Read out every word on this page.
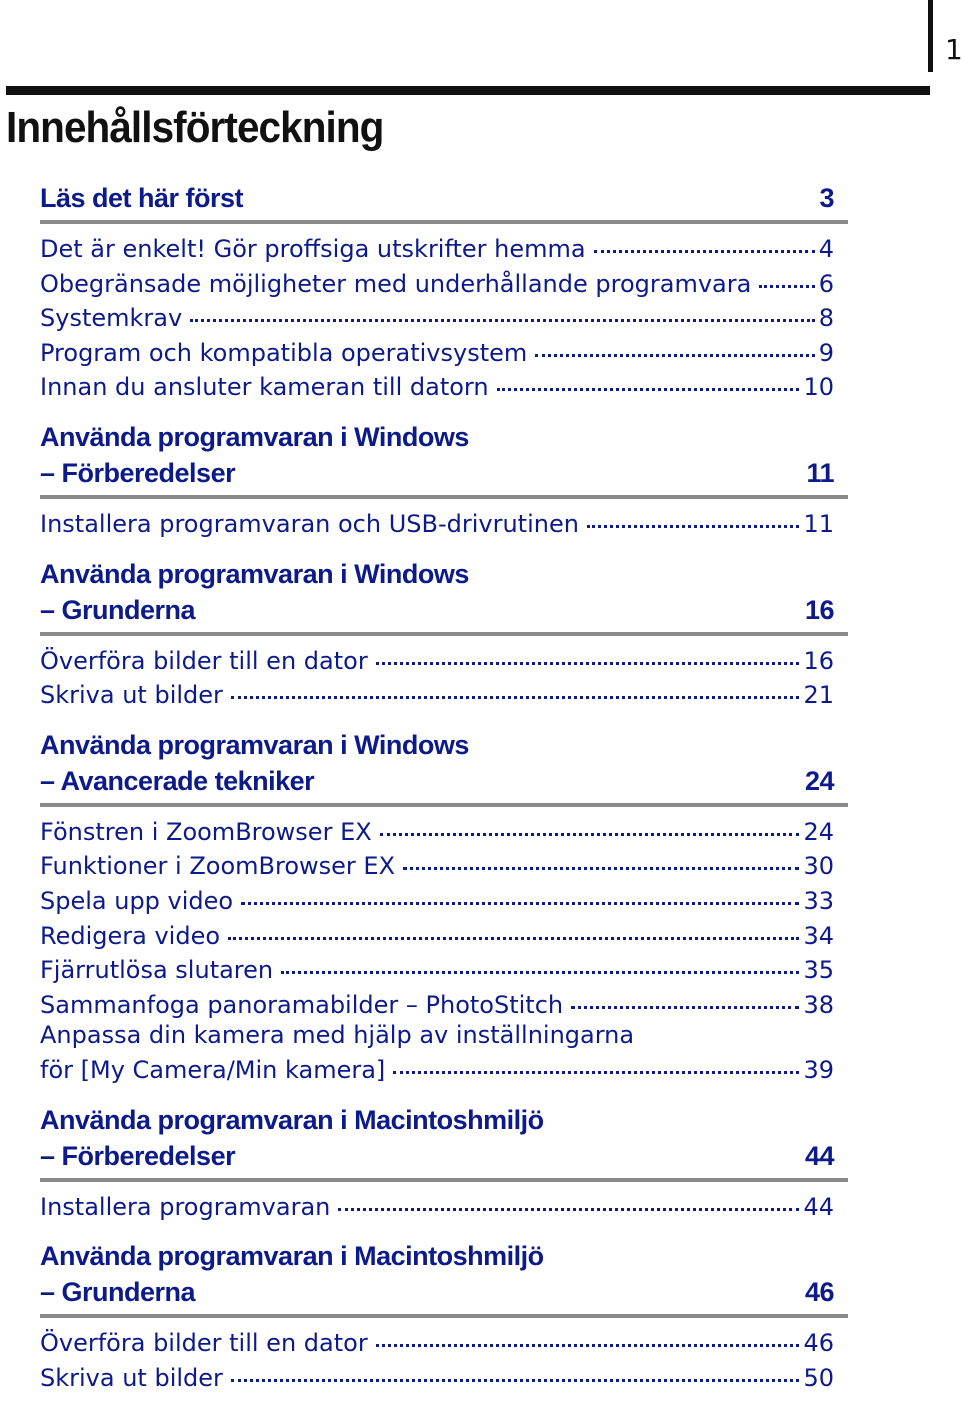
1
Innehållsförteckning
Läs det här först	3
Det är enkelt! Gör proffsiga utskrifter hemma	4
Obegränsade möjligheter med underhållande programvara	6
Systemkrav	8
Program och kompatibla operativsystem	9
Innan du ansluter kameran till datorn	10
Använda programvaran i Windows
– Förberedelser	11
Installera programvaran och USB-drivrutinen	11
Använda programvaran i Windows
– Grunderna	16
Överföra bilder till en dator	16
Skriva ut bilder	21
Använda programvaran i Windows
– Avancerade tekniker	24
Fönstren i ZoomBrowser EX	24
Funktioner i ZoomBrowser EX	30
Spela upp video	33
Redigera video	34
Fjärrutlösa slutaren	35
Sammanfoga panoramabilder – PhotoStitch	38
Anpassa din kamera med hjälp av inställningarna
för [My Camera/Min kamera]	39
Använda programvaran i Macintoshmiljö
– Förberedelser	44
Installera programvaran	44
Använda programvaran i Macintoshmiljö
– Grunderna	46
Överföra bilder till en dator	46
Skriva ut bilder	50
